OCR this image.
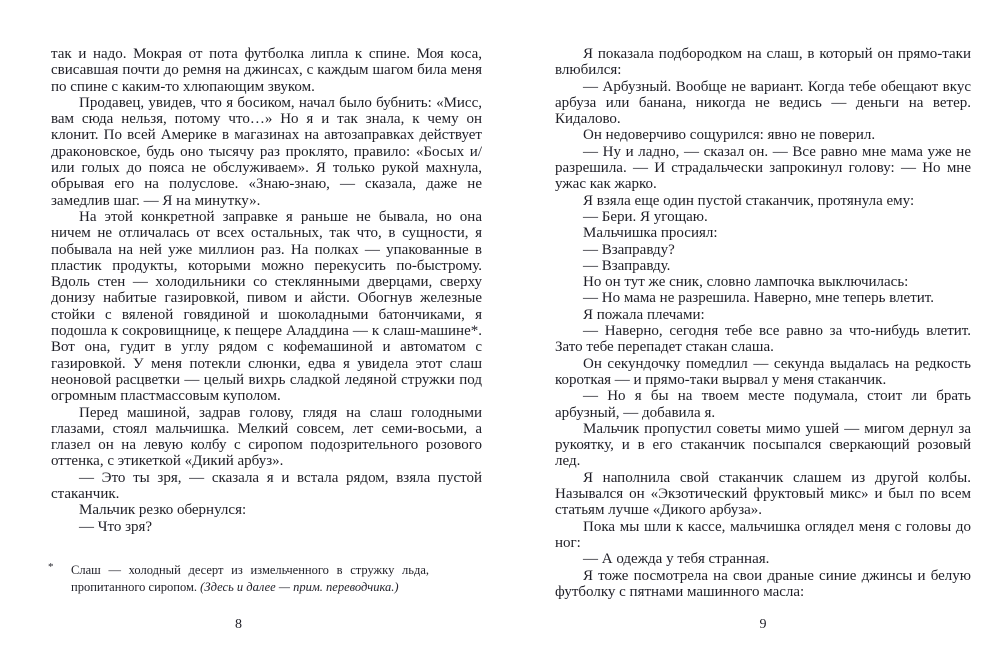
так и надо. Мокрая от пота футболка липла к спине. Моя коса, свисавшая почти до ремня на джинсах, с каждым шагом била меня по спине с каким-то хлюпающим звуком.

Продавец, увидев, что я босиком, начал было бубнить: «Мисс, вам сюда нельзя, потому что…» Но я и так знала, к чему он клонит. По всей Америке в магазинах на автозаправках действует драконовское, будь оно тысячу раз проклято, правило: «Босых и/или голых до пояса не обслуживаем». Я только рукой махнула, обрывая его на полуслове. «Знаю-знаю, — сказала, даже не замедлив шаг. — Я на минутку».

На этой конкретной заправке я раньше не бывала, но она ничем не отличалась от всех остальных, так что, в сущности, я побывала на ней уже миллион раз. На полках — упакованные в пластик продукты, которыми можно перекусить по-быстрому. Вдоль стен — холодильники со стеклянными дверцами, сверху донизу набитые газировкой, пивом и айсти. Обогнув железные стойки с вяленой говядиной и шоколадными батончиками, я подошла к сокровищнице, к пещере Аладдина — к слаш-машине*. Вот она, гудит в углу рядом с кофемашиной и автоматом с газировкой. У меня потекли слюнки, едва я увидела этот слаш неоновой расцветки — целый вихрь сладкой ледяной стружки под огромным пластмассовым куполом.

Перед машиной, задрав голову, глядя на слаш голодными глазами, стоял мальчишка. Мелкий совсем, лет семи-восьми, а глазел он на левую колбу с сиропом подозрительного розового оттенка, с этикеткой «Дикий арбуз».

— Это ты зря, — сказала я и встала рядом, взяла пустой стаканчик.

Мальчик резко обернулся:

— Что зря?

Я показала подбородком на слаш, в который он прямо-таки влюбился:

— Арбузный. Вообще не вариант. Когда тебе обещают вкус арбуза или банана, никогда не ведись — деньги на ветер. Кидалово.

Он недоверчиво сощурился: явно не поверил.

— Ну и ладно, — сказал он. — Все равно мне мама уже не разрешила. — И страдальчески запрокинул голову: — Но мне ужас как жарко.

Я взяла еще один пустой стаканчик, протянула ему:

— Бери. Я угощаю.

Мальчишка просиял:

— Взаправду?

— Взаправду.

Но он тут же сник, словно лампочка выключилась:

— Но мама не разрешила. Наверно, мне теперь влетит.

Я пожала плечами:

— Наверно, сегодня тебе все равно за что-нибудь влетит. Зато тебе перепадет стакан слаша.

Он секундочку помедлил — секунда выдалась на редкость короткая — и прямо-таки вырвал у меня стаканчик.

— Но я бы на твоем месте подумала, стоит ли брать арбузный, — добавила я.

Мальчик пропустил советы мимо ушей — мигом дернул за рукоятку, и в его стаканчик посыпался сверкающий розовый лед.

Я наполнила свой стаканчик слашем из другой колбы. Назывался он «Экзотический фруктовый микс» и был по всем статьям лучше «Дикого арбуза».

Пока мы шли к кассе, мальчишка оглядел меня с головы до ног:

— А одежда у тебя странная.

Я тоже посмотрела на свои драные синие джинсы и белую футболку с пятнами машинного масла:

* Слаш — холодный десерт из измельченного в стружку льда, пропитанного сиропом. (Здесь и далее — прим. переводчика.)
8	9
